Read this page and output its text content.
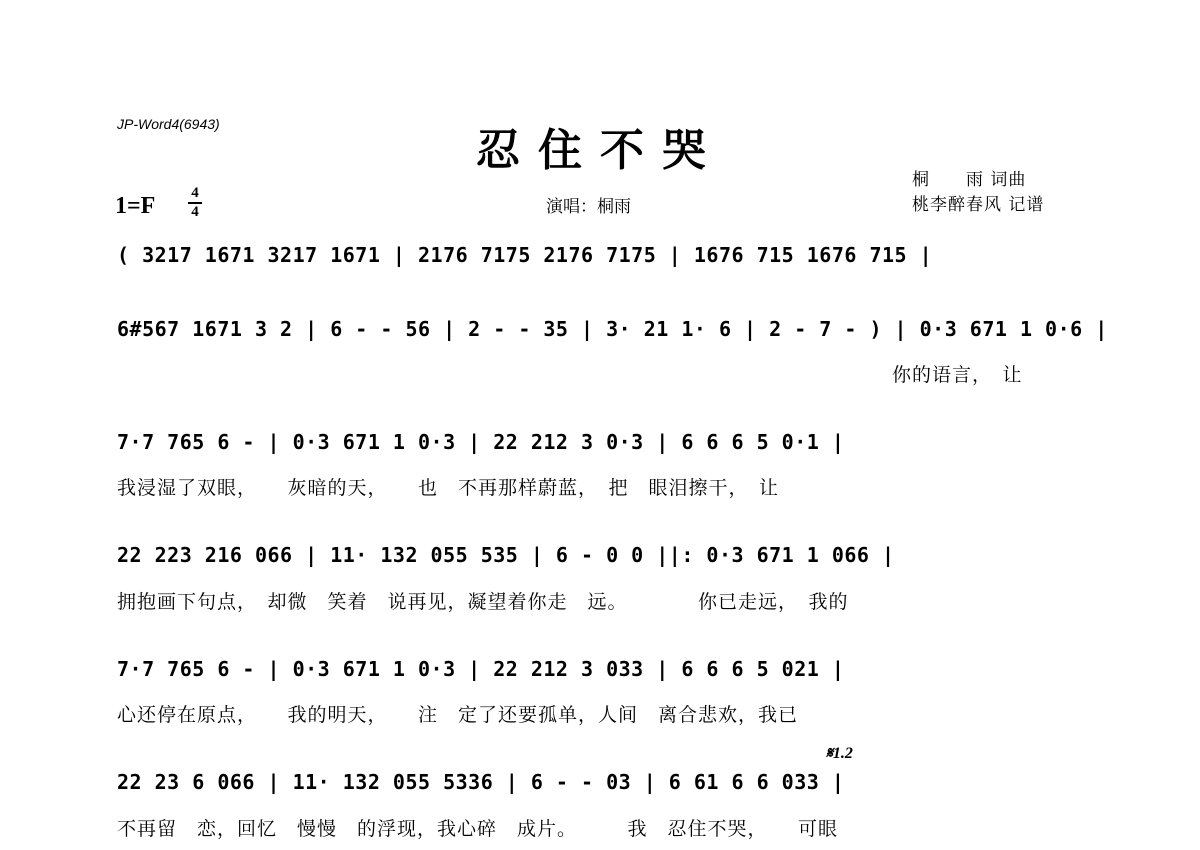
JP-Word4(6943)
忍住不哭
1=F 4
4	演唱：桐雨
桐　　雨 词曲
桃李醉春风 记谱
( 3217 1671 3217 1671 | 2176 7175 2176 7175 | 1676 715 1676 715 |
6#567 1671 3 2 | 6 - - 56 | 2 - - 35 | 3· 21 1· 6 | 2 - 7 - ) | 0·3 671 1 0·6 |
你的语言，　让
7·7 765 6 - | 0·3 671 1 0·3 | 22 212 3 0·3 | 6 6 6 5 0·1 |
我浸湿了双眼，　　灰暗的天，　　也　不再那样蔚蓝，　把　眼泪擦干，　让
22 223 216 066 | 11· 132 055 535 | 6 - 0 0 ||: 0·3 671 1 066 |
拥抱画下句点，　却微　笑着　说再见，凝望着你走　远。　　　　你已走远，　我的
7·7 765 6 - | 0·3 671 1 0·3 | 22 212 3 033 | 6 6 6 5 021 |
心还停在原点，　　我的明天，　　注　定了还要孤单，人间　离合悲欢，我已
𝄋1.2
22 23 6 066 | 11· 132 055 5336 | 6 - - 03 | 6 61 6 6 033 |
不再留　恋，回忆　慢慢　的浮现，我心碎　成片。　　　我　忍住不哭，　　可眼
